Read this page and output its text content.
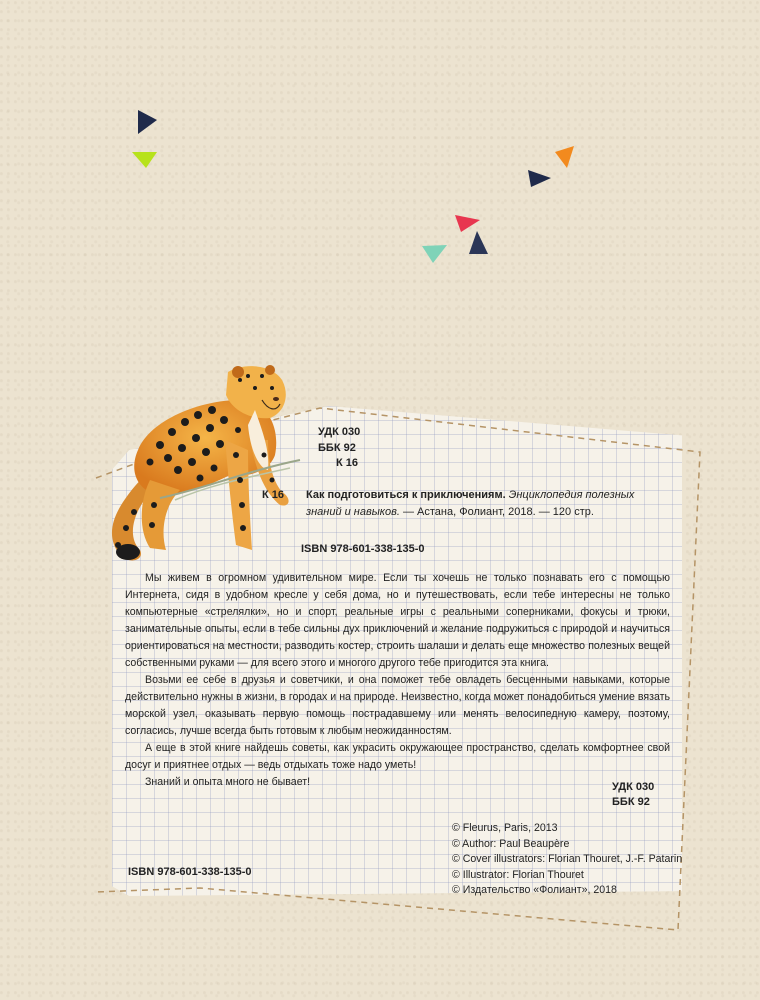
УДК 030
ББК 92
К 16
К 16 Как подготовиться к приключениям. Энциклопедия полезных знаний и навыков. — Астана, Фолиант, 2018. — 120 стр.
ISBN 978-601-338-135-0

Мы живем в огромном удивительном мире. Если ты хочешь не только познавать его с помощью Интернета, сидя в удобном кресле у себя дома, но и путешествовать, если тебе интересны не только компьютерные «стрелялки», но и спорт, реальные игры с реальными соперниками, фокусы и трюки, занимательные опыты, если в тебе сильны дух приключений и желание подружиться с природой и научиться ориентироваться на местности, разводить костер, строить шалаши и делать еще множество полезных вещей собственными руками — для всего этого и многого другого тебе пригодится эта книга.

Возьми ее себе в друзья и советчики, и она поможет тебе овладеть бесценными навыками, которые действительно нужны в жизни, в городах и на природе. Неизвестно, когда может понадобиться умение вязать морской узел, оказывать первую помощь пострадавшему или менять велосипедную камеру, поэтому, согласись, лучше всегда быть готовым к любым неожиданностям.

А еще в этой книге найдешь советы, как украсить окружающее пространство, сделать комфортнее свой досуг и приятнее отдых — ведь отдыхать тоже надо уметь!

Знаний и опыта много не бывает!	УДК 030
ББК 92
© Fleurus, Paris, 2013
© Author: Paul Beaupère
© Cover illustrators: Florian Thouret, J.-F. Patarin
© Illustrator: Florian Thouret
© Издательство «Фолиант», 2018
ISBN 978-601-338-135-0
